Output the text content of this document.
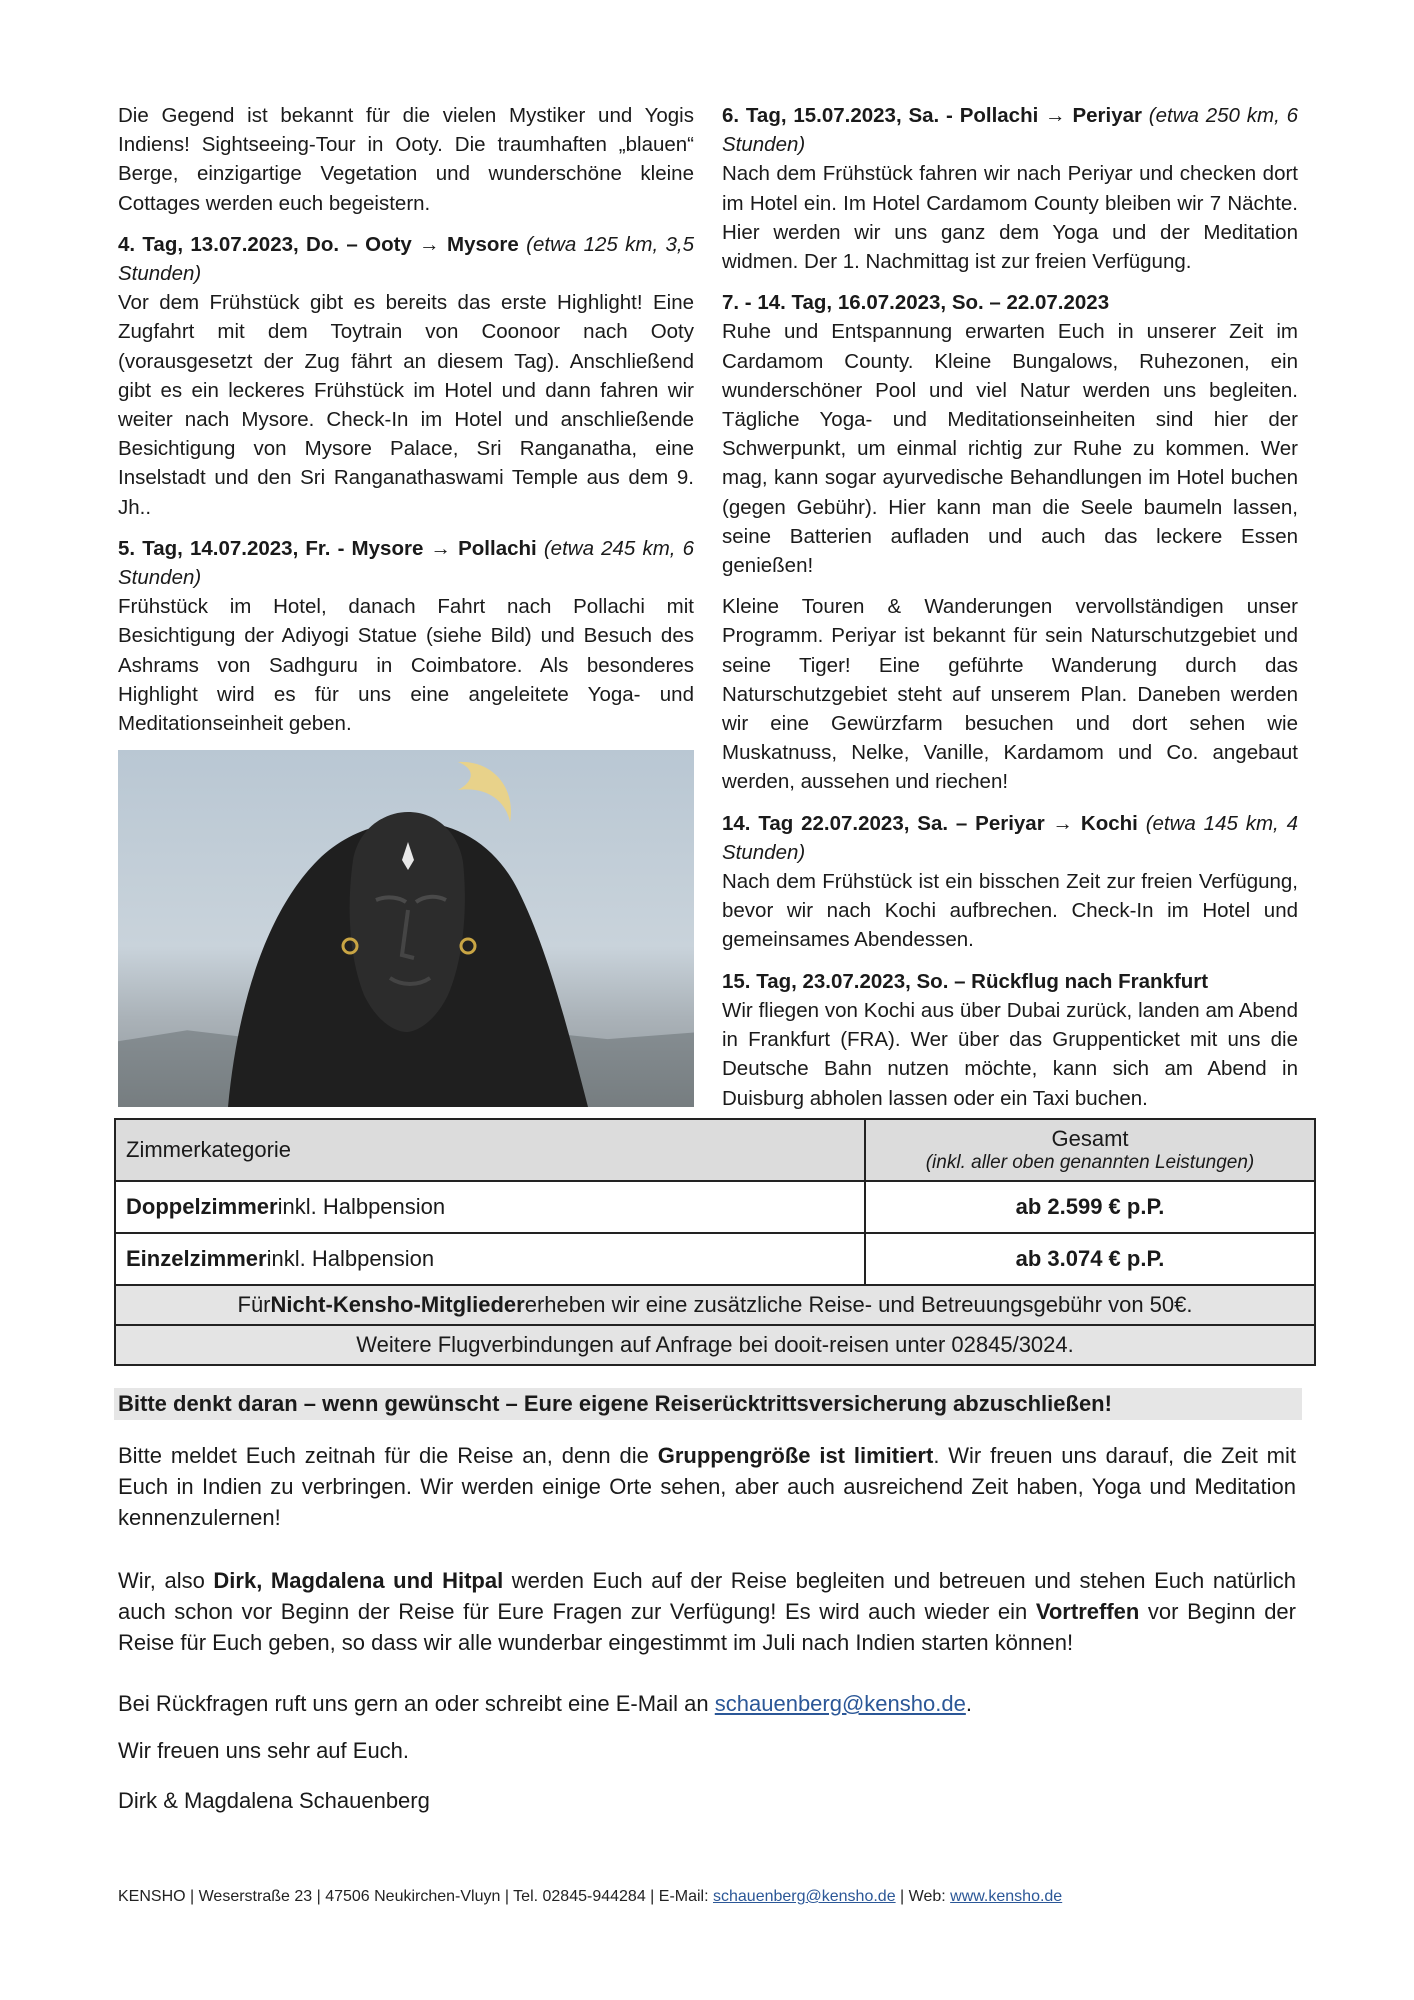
Die Gegend ist bekannt für die vielen Mystiker und Yogis Indiens! Sightseeing-Tour in Ooty. Die traumhaften „blauen“ Berge, einzigartige Vegetation und wunderschöne kleine Cottages werden euch begeistern.

4. Tag, 13.07.2023, Do. – Ooty → Mysore (etwa 125 km, 3,5 Stunden)

Vor dem Frühstück gibt es bereits das erste Highlight! Eine Zugfahrt mit dem Toytrain von Coonoor nach Ooty (vorausgesetzt der Zug fährt an diesem Tag). Anschließend gibt es ein leckeres Frühstück im Hotel und dann fahren wir weiter nach Mysore. Check-In im Hotel und anschließende Besichtigung von Mysore Palace, Sri Ranganatha, eine Inselstadt und den Sri Ranganathaswami Temple aus dem 9. Jh..

5. Tag, 14.07.2023, Fr. - Mysore → Pollachi (etwa 245 km, 6 Stunden)

Frühstück im Hotel, danach Fahrt nach Pollachi mit Besichtigung der Adiyogi Statue (siehe Bild) und Besuch des Ashrams von Sadhguru in Coimbatore. Als besonderes Highlight wird es für uns eine angeleitete Yoga- und Meditationseinheit geben.

6. Tag, 15.07.2023, Sa. - Pollachi → Periyar (etwa 250 km, 6 Stunden)

Nach dem Frühstück fahren wir nach Periyar und checken dort im Hotel ein. Im Hotel Cardamom County bleiben wir 7 Nächte. Hier werden wir uns ganz dem Yoga und der Meditation widmen. Der 1. Nachmittag ist zur freien Verfügung.

7. - 14. Tag, 16.07.2023, So. – 22.07.2023

Ruhe und Entspannung erwarten Euch in unserer Zeit im Cardamom County. Kleine Bungalows, Ruhezonen, ein wunderschöner Pool und viel Natur werden uns begleiten. Tägliche Yoga- und Meditationseinheiten sind hier der Schwerpunkt, um einmal richtig zur Ruhe zu kommen. Wer mag, kann sogar ayurvedische Behandlungen im Hotel buchen (gegen Gebühr). Hier kann man die Seele baumeln lassen, seine Batterien aufladen und auch das leckere Essen genießen!

Kleine Touren & Wanderungen vervollständigen unser Programm. Periyar ist bekannt für sein Naturschutzgebiet und seine Tiger! Eine geführte Wanderung durch das Naturschutzgebiet steht auf unserem Plan. Daneben werden wir eine Gewürzfarm besuchen und dort sehen wie Muskatnuss, Nelke, Vanille, Kardamom und Co. angebaut werden, aussehen und riechen!

14. Tag 22.07.2023, Sa. – Periyar → Kochi (etwa 145 km, 4 Stunden)

Nach dem Frühstück ist ein bisschen Zeit zur freien Verfügung, bevor wir nach Kochi aufbrechen. Check-In im Hotel und gemeinsames Abendessen.

15. Tag, 23.07.2023, So. – Rückflug nach Frankfurt

Wir fliegen von Kochi aus über Dubai zurück, landen am Abend in Frankfurt (FRA). Wer über das Gruppenticket mit uns die Deutsche Bahn nutzen möchte, kann sich am Abend in Duisburg abholen lassen oder ein Taxi buchen.

Zimmerkategorie	Gesamt
(inkl. aller oben genannten Leistungen)
Doppelzimmer inkl. Halbpension	ab 2.599 € p.P.
Einzelzimmer inkl. Halbpension	ab 3.074 € p.P.
Für Nicht-Kensho-Mitglieder erheben wir eine zusätzliche Reise- und Betreuungsgebühr von 50€.
Weitere Flugverbindungen auf Anfrage bei dooit-reisen unter 02845/3024.
Bitte denkt daran – wenn gewünscht – Eure eigene Reiserücktrittsversicherung abzuschließen!
Bitte meldet Euch zeitnah für die Reise an, denn die Gruppengröße ist limitiert. Wir freuen uns darauf, die Zeit mit Euch in Indien zu verbringen. Wir werden einige Orte sehen, aber auch ausreichend Zeit haben, Yoga und Meditation kennenzulernen!
Wir, also Dirk, Magdalena und Hitpal werden Euch auf der Reise begleiten und betreuen und stehen Euch natürlich auch schon vor Beginn der Reise für Eure Fragen zur Verfügung! Es wird auch wieder ein Vortreffen vor Beginn der Reise für Euch geben, so dass wir alle wunderbar eingestimmt im Juli nach Indien starten können!
Bei Rückfragen ruft uns gern an oder schreibt eine E-Mail an schauenberg@kensho.de.
Wir freuen uns sehr auf Euch.
Dirk & Magdalena Schauenberg
KENSHO | Weserstraße 23 | 47506 Neukirchen-Vluyn | Tel. 02845-944284 | E-Mail: schauenberg@kensho.de | Web: www.kensho.de
